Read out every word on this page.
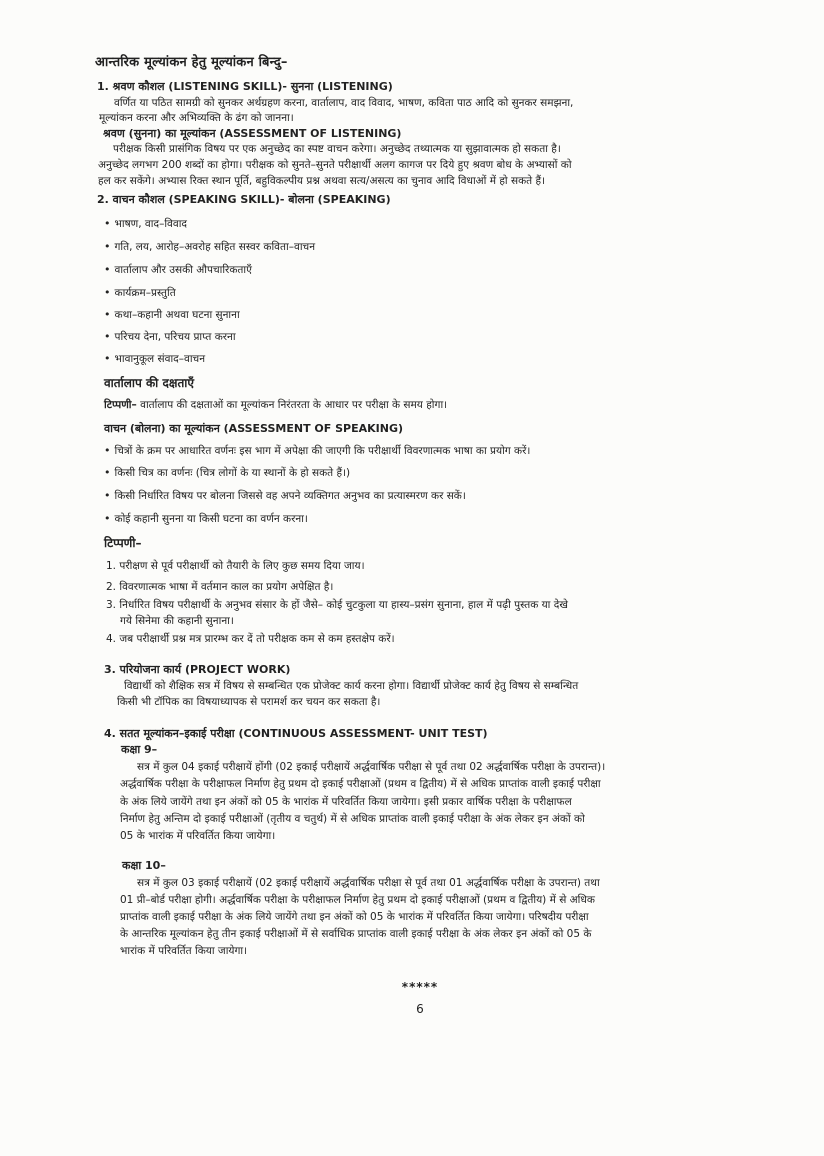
आन्तरिक मूल्यांकन हेतु मूल्यांकन बिन्दु–
1. श्रवण कौशल (LISTENING SKILL)- सुनना (LISTENING)
वर्णित या पठित सामग्री को सुनकर अर्थग्रहण करना, वार्तालाप, वाद विवाद, भाषण, कविता पाठ आदि को सुनकर समझना,
मूल्यांकन करना और अभिव्यक्ति के ढंग को जानना।
श्रवण (सुनना) का मूल्यांकन (ASSESSMENT OF LISTENING)
परीक्षक किसी प्रासंगिक विषय पर एक अनुच्छेद का स्पष्ट वाचन करेगा। अनुच्छेद तथ्यात्मक या सुझावात्मक हो सकता है।
अनुच्छेद लगभग 200 शब्दों का होगा। परीक्षक को सुनते–सुनते परीक्षार्थी अलग कागज पर दिये हुए श्रवण बोध के अभ्यासों को
हल कर सकेंगे। अभ्यास रिक्त स्थान पूर्ति, बहुविकल्पीय प्रश्न अथवा सत्य/असत्य का चुनाव आदि विधाओं में हो सकते हैं।
2. वाचन कौशल (SPEAKING SKILL)- बोलना (SPEAKING)
• भाषण, वाद–विवाद
• गति, लय, आरोह–अवरोह सहित सस्वर कविता–वाचन
• वार्तालाप और उसकी औपचारिकताएँ
• कार्यक्रम–प्रस्तुति
• कथा–कहानी अथवा घटना सुनाना
• परिचय देना, परिचय प्राप्त करना
• भावानुकूल संवाद–वाचन
वार्तालाप की दक्षताएँ
टिप्पणी– वार्तालाप की दक्षताओं का मूल्यांकन निरंतरता के आधार पर परीक्षा के समय होगा।
वाचन (बोलना) का मूल्यांकन (ASSESSMENT OF SPEAKING)
• चित्रों के क्रम पर आधारित वर्णनः इस भाग में अपेक्षा की जाएगी कि परीक्षार्थी विवरणात्मक भाषा का प्रयोग करें।
• किसी चित्र का वर्णनः (चित्र लोगों के या स्थानों के हो सकते हैं।)
• किसी निर्धारित विषय पर बोलना जिससे वह अपने व्यक्तिगत अनुभव का प्रत्यास्मरण कर सकें।
• कोई कहानी सुनना या किसी घटना का वर्णन करना।
टिप्पणी–
1. परीक्षण से पूर्व परीक्षार्थी को तैयारी के लिए कुछ समय दिया जाय।
2. विवरणात्मक भाषा में वर्तमान काल का प्रयोग अपेक्षित है।
3. निर्धारित विषय परीक्षार्थी के अनुभव संसार के हों जैसे– कोई चुटकुला या हास्य–प्रसंग सुनाना, हाल में पढ़ी पुस्तक या देखे
गये सिनेमा की कहानी सुनाना।
4. जब परीक्षार्थी प्रश्न मत्र प्रारम्भ कर दें तो परीक्षक कम से कम हस्तक्षेप करें।
3. परियोजना कार्य (PROJECT WORK)
विद्यार्थी को शैक्षिक सत्र में विषय से सम्बन्धित एक प्रोजेक्ट कार्य करना होगा। विद्यार्थी प्रोजेक्ट कार्य हेतु विषय से सम्बन्धित
किसी भी टॉपिक का विषयाध्यापक से परामर्श कर चयन कर सकता है।
4. सतत मूल्यांकन–इकाई परीक्षा (CONTINUOUS ASSESSMENT- UNIT TEST)
कक्षा 9–
सत्र में कुल 04 इकाई परीक्षायें होंगी (02 इकाई परीक्षायें अर्द्धवार्षिक परीक्षा से पूर्व तथा 02 अर्द्धवार्षिक परीक्षा के उपरान्त)।
अर्द्धवार्षिक परीक्षा के परीक्षाफल निर्माण हेतु प्रथम दो इकाई परीक्षाओं (प्रथम व द्वितीय) में से अधिक प्राप्तांक वाली इकाई परीक्षा
के अंक लिये जायेंगे तथा इन अंकों को 05 के भारांक में परिवर्तित किया जायेगा। इसी प्रकार वार्षिक परीक्षा के परीक्षाफल
निर्माण हेतु अन्तिम दो इकाई परीक्षाओं (तृतीय व चतुर्थ) में से अधिक प्राप्तांक वाली इकाई परीक्षा के अंक लेकर इन अंकों को
05 के भारांक में परिवर्तित किया जायेगा।
कक्षा 10–
सत्र में कुल 03 इकाई परीक्षायें (02 इकाई परीक्षायें अर्द्धवार्षिक परीक्षा से पूर्व तथा 01 अर्द्धवार्षिक परीक्षा के उपरान्त) तथा
01 प्री–बोर्ड परीक्षा होगी। अर्द्धवार्षिक परीक्षा के परीक्षाफल निर्माण हेतु प्रथम दो इकाई परीक्षाओं (प्रथम व द्वितीय) में से अधिक
प्राप्तांक वाली इकाई परीक्षा के अंक लिये जायेंगे तथा इन अंकों को 05 के भारांक में परिवर्तित किया जायेगा। परिषदीय परीक्षा
के आन्तरिक मूल्यांकन हेतु तीन इकाई परीक्षाओं में से सर्वाधिक प्राप्तांक वाली इकाई परीक्षा के अंक लेकर इन अंकों को 05 के
भारांक में परिवर्तित किया जायेगा।
*****
6
